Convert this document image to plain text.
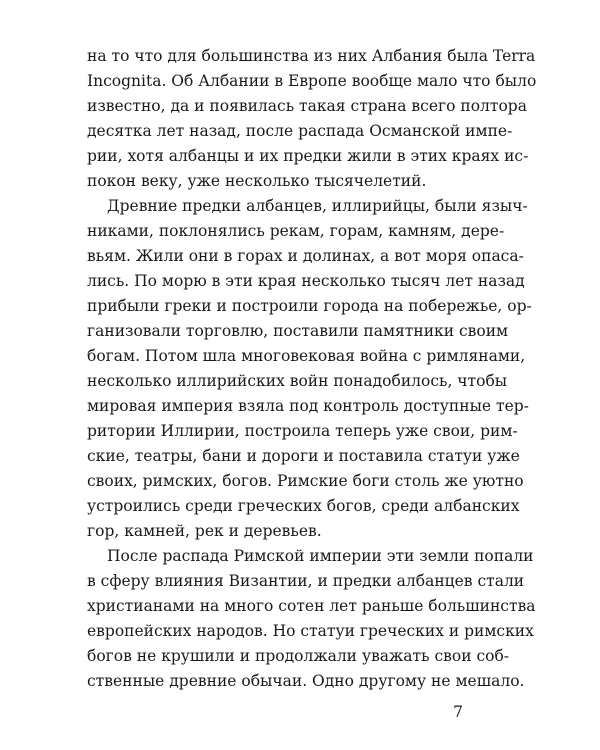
на то что для большинства из них Албания была Terra
Incognita. Об Албании в Европе вообще мало что было
известно, да и появилась такая страна всего полтора
десятка лет назад, после распада Османской импе-
рии, хотя албанцы и их предки жили в этих краях ис-
покон веку, уже несколько тысячелетий.
Древние предки албанцев, иллирийцы, были языч-
никами, поклонялись рекам, горам, камням, дере-
вьям. Жили они в горах и долинах, а вот моря опаса-
лись. По морю в эти края несколько тысяч лет назад
прибыли греки и построили города на побережье, ор-
ганизовали торговлю, поставили памятники своим
богам. Потом шла многовековая война с римлянами,
несколько иллирийских войн понадобилось, чтобы
мировая империя взяла под контроль доступные тер-
ритории Иллирии, построила теперь уже свои, рим-
ские, театры, бани и дороги и поставила статуи уже
своих, римских, богов. Римские боги столь же уютно
устроились среди греческих богов, среди албанских
гор, камней, рек и деревьев.
После распада Римской империи эти земли попали
в сферу влияния Византии, и предки албанцев стали
христианами на много сотен лет раньше большинства
европейских народов. Но статуи греческих и римских
богов не крушили и продолжали уважать свои соб-
ственные древние обычаи. Одно другому не мешало.
7
